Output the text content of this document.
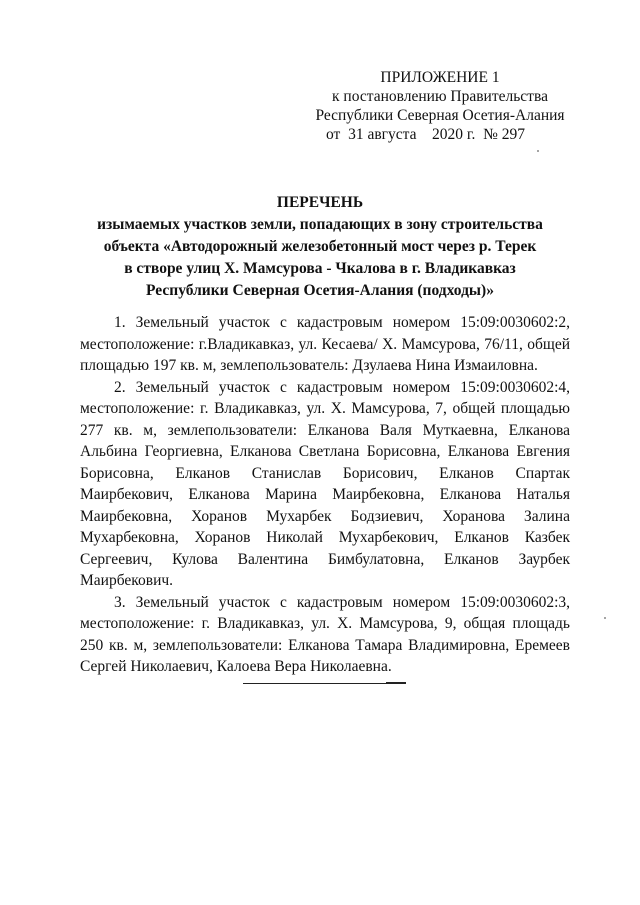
ПРИЛОЖЕНИЕ 1
к постановлению Правительства
Республики Северная Осетия-Алания
от  31 августа    2020 г.  № 297
ПЕРЕЧЕНЬ
изымаемых участков земли, попадающих в зону строительства
объекта «Автодорожный железобетонный мост через р. Терек
в створе улиц Х. Мамсурова - Чкалова в г. Владикавказ
Республики Северная Осетия-Алания (подходы)»

1. Земельный участок с кадастровым номером 15:09:0030602:2, местоположение: г.Владикавказ, ул. Кесаева/ Х. Мамсурова, 76/11, общей площадью 197 кв. м, землепользователь: Дзулаева Нина Измаиловна.

2. Земельный участок с кадастровым номером 15:09:0030602:4, местоположение: г. Владикавказ, ул. Х. Мамсурова, 7, общей площадью 277 кв. м, землепользователи: Елканова Валя Муткаевна, Елканова Альбина Георгиевна, Елканова Светлана Борисовна, Елканова Евгения Борисовна, Елканов Станислав Борисович, Елканов Спартак Маирбекович, Елканова Марина Маирбековна, Елканова Наталья Маирбековна, Хоранов Мухарбек Бодзиевич, Хоранова Залина Мухарбековна, Хоранов Николай Мухарбекович, Елканов Казбек Сергеевич, Кулова Валентина Бимбулатовна, Елканов Заурбек Маирбекович.

3. Земельный участок с кадастровым номером 15:09:0030602:3, местоположение: г. Владикавказ, ул. Х. Мамсурова, 9, общая площадь 250 кв. м, землепользователи: Елканова Тамара Владимировна, Еремеев Сергей Николаевич, Калоева Вера Николаевна.
